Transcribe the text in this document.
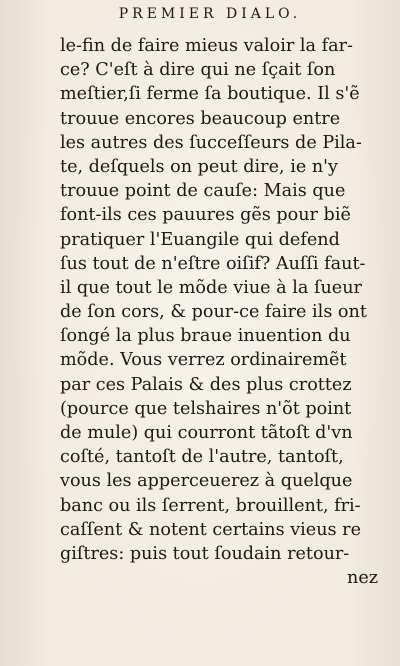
PREMIER DIALO.
le-fin de faire mieus valoir la far-
ce? C'eſt à dire qui ne ſçait ſon
meſtier,ſi ferme ſa boutique. Il s'ẽ
trouue encores beaucoup entre
les autres des ſucceſſeurs de Pila-
te, deſquels on peut dire, ie n'y
trouue point de cauſe: Mais que
font-ils ces pauures gẽs pour biẽ
pratiquer l'Euangile qui defend
ſus tout de n'eſtre oiſif? Auſſi faut-
il que tout le mõde viue à la ſueur
de ſon cors, & pour-ce faire ils ont
ſongé la plus braue inuention du
mõde. Vous verrez ordinairemẽt
par ces Palais & des plus crottez
(pource que telshaires n'õt point
de mule) qui courront tãtoſt d'vn
coſté, tantoſt de l'autre, tantoſt,
vous les apperceuerez à quelque
banc ou ils ſerrent, brouillent, fri-
caſſent & notent certains vieus re
giſtres: puis tout ſoudain retour-
nez
